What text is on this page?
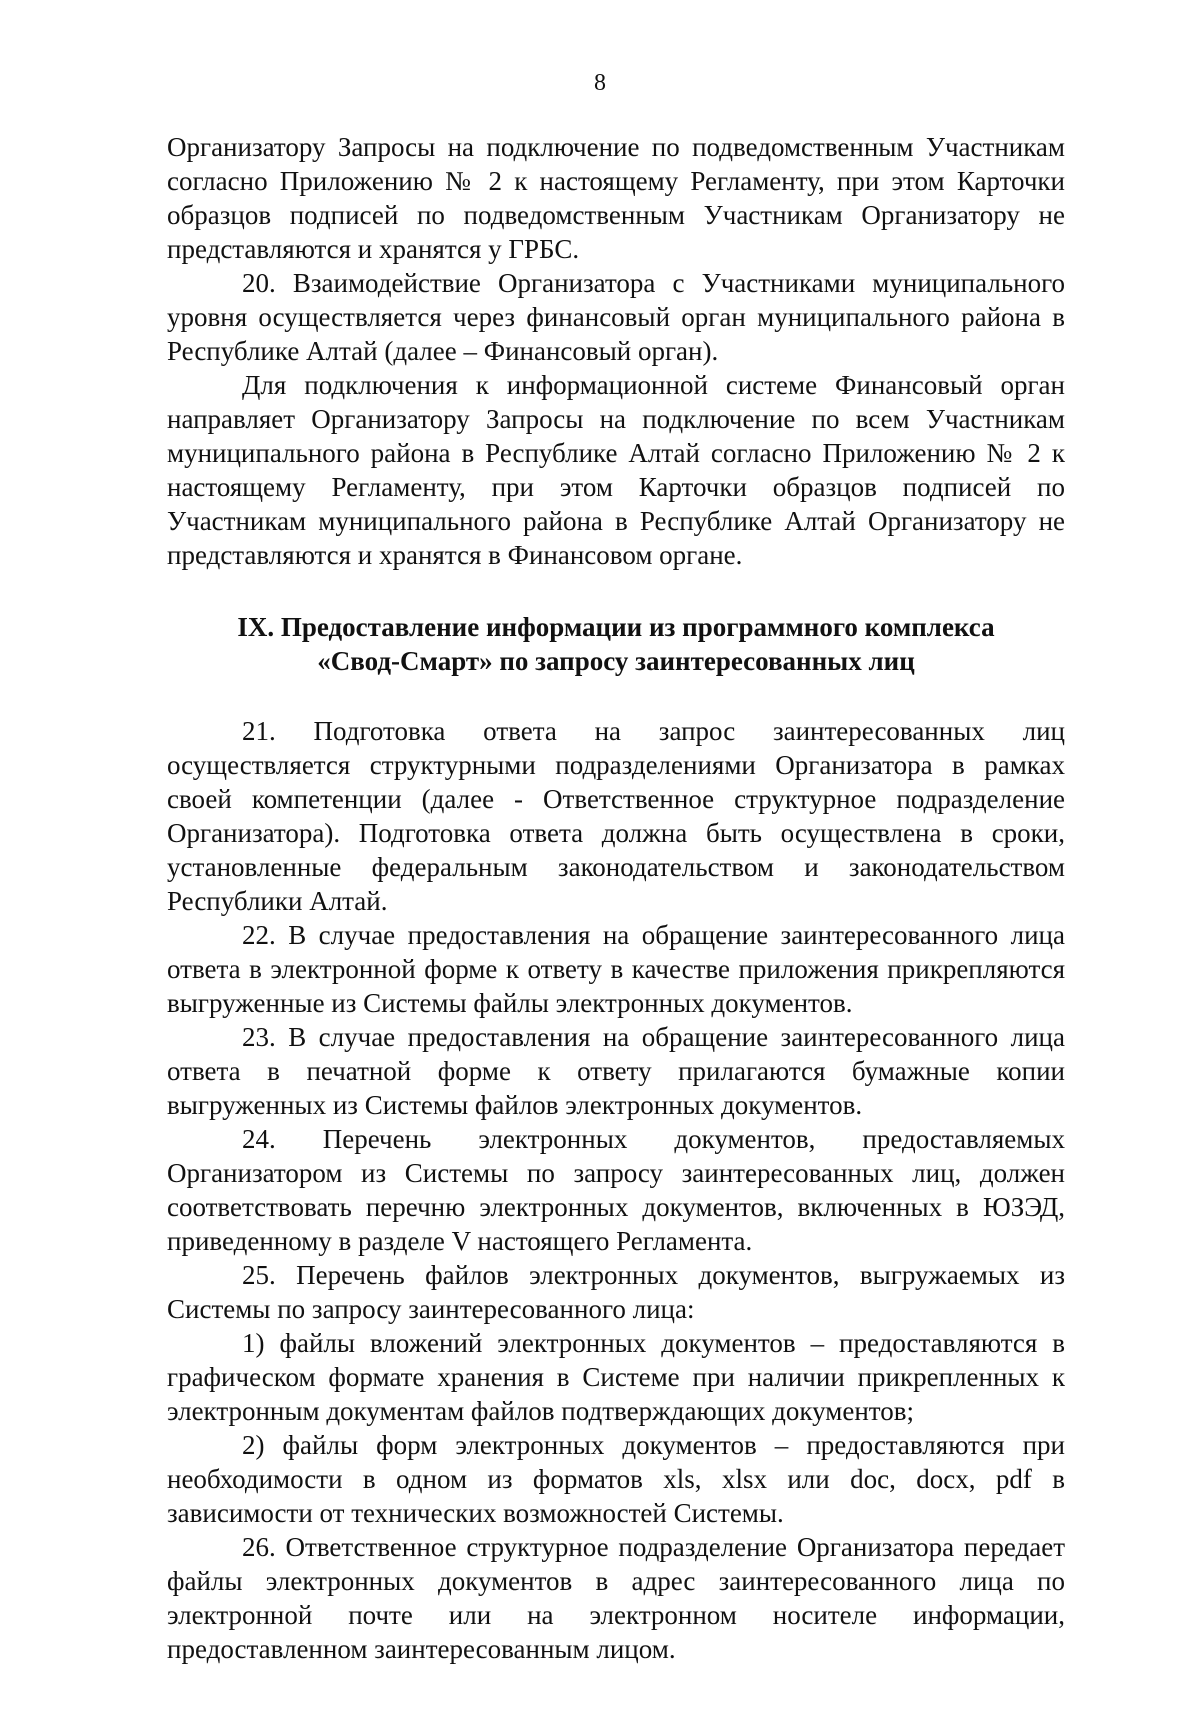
8

Организатору Запросы на подключение по подведомственным Участникам согласно Приложению № 2 к настоящему Регламенту, при этом Карточки образцов подписей по подведомственным Участникам Организатору не представляются и хранятся у ГРБС.

20. Взаимодействие Организатора с Участниками муниципального уровня осуществляется через финансовый орган муниципального района в Республике Алтай (далее – Финансовый орган).

Для подключения к информационной системе Финансовый орган направляет Организатору Запросы на подключение по всем Участникам муниципального района в Республике Алтай согласно Приложению № 2 к настоящему Регламенту, при этом Карточки образцов подписей по Участникам муниципального района в Республике Алтай Организатору не представляются и хранятся в Финансовом органе.

IX. Предоставление информации из программного комплекса
«Свод-Смарт» по запросу заинтересованных лиц

21. Подготовка ответа на запрос заинтересованных лиц осуществляется структурными подразделениями Организатора в рамках своей компетенции (далее - Ответственное структурное подразделение Организатора). Подготовка ответа должна быть осуществлена в сроки, установленные федеральным законодательством и законодательством Республики Алтай.

22. В случае предоставления на обращение заинтересованного лица ответа в электронной форме к ответу в качестве приложения прикрепляются выгруженные из Системы файлы электронных документов.

23. В случае предоставления на обращение заинтересованного лица ответа в печатной форме к ответу прилагаются бумажные копии выгруженных из Системы файлов электронных документов.

24. Перечень электронных документов, предоставляемых Организатором из Системы по запросу заинтересованных лиц, должен соответствовать перечню электронных документов, включенных в ЮЗЭД, приведенному в разделе V настоящего Регламента.

25. Перечень файлов электронных документов, выгружаемых из Системы по запросу заинтересованного лица:

1) файлы вложений электронных документов – предоставляются в графическом формате хранения в Системе при наличии прикрепленных к электронным документам файлов подтверждающих документов;

2) файлы форм электронных документов – предоставляются при необходимости в одном из форматов xls, xlsx или doc, docx, pdf в зависимости от технических возможностей Системы.

26. Ответственное структурное подразделение Организатора передает файлы электронных документов в адрес заинтересованного лица по электронной почте или на электронном носителе информации, предоставленном заинтересованным лицом.
